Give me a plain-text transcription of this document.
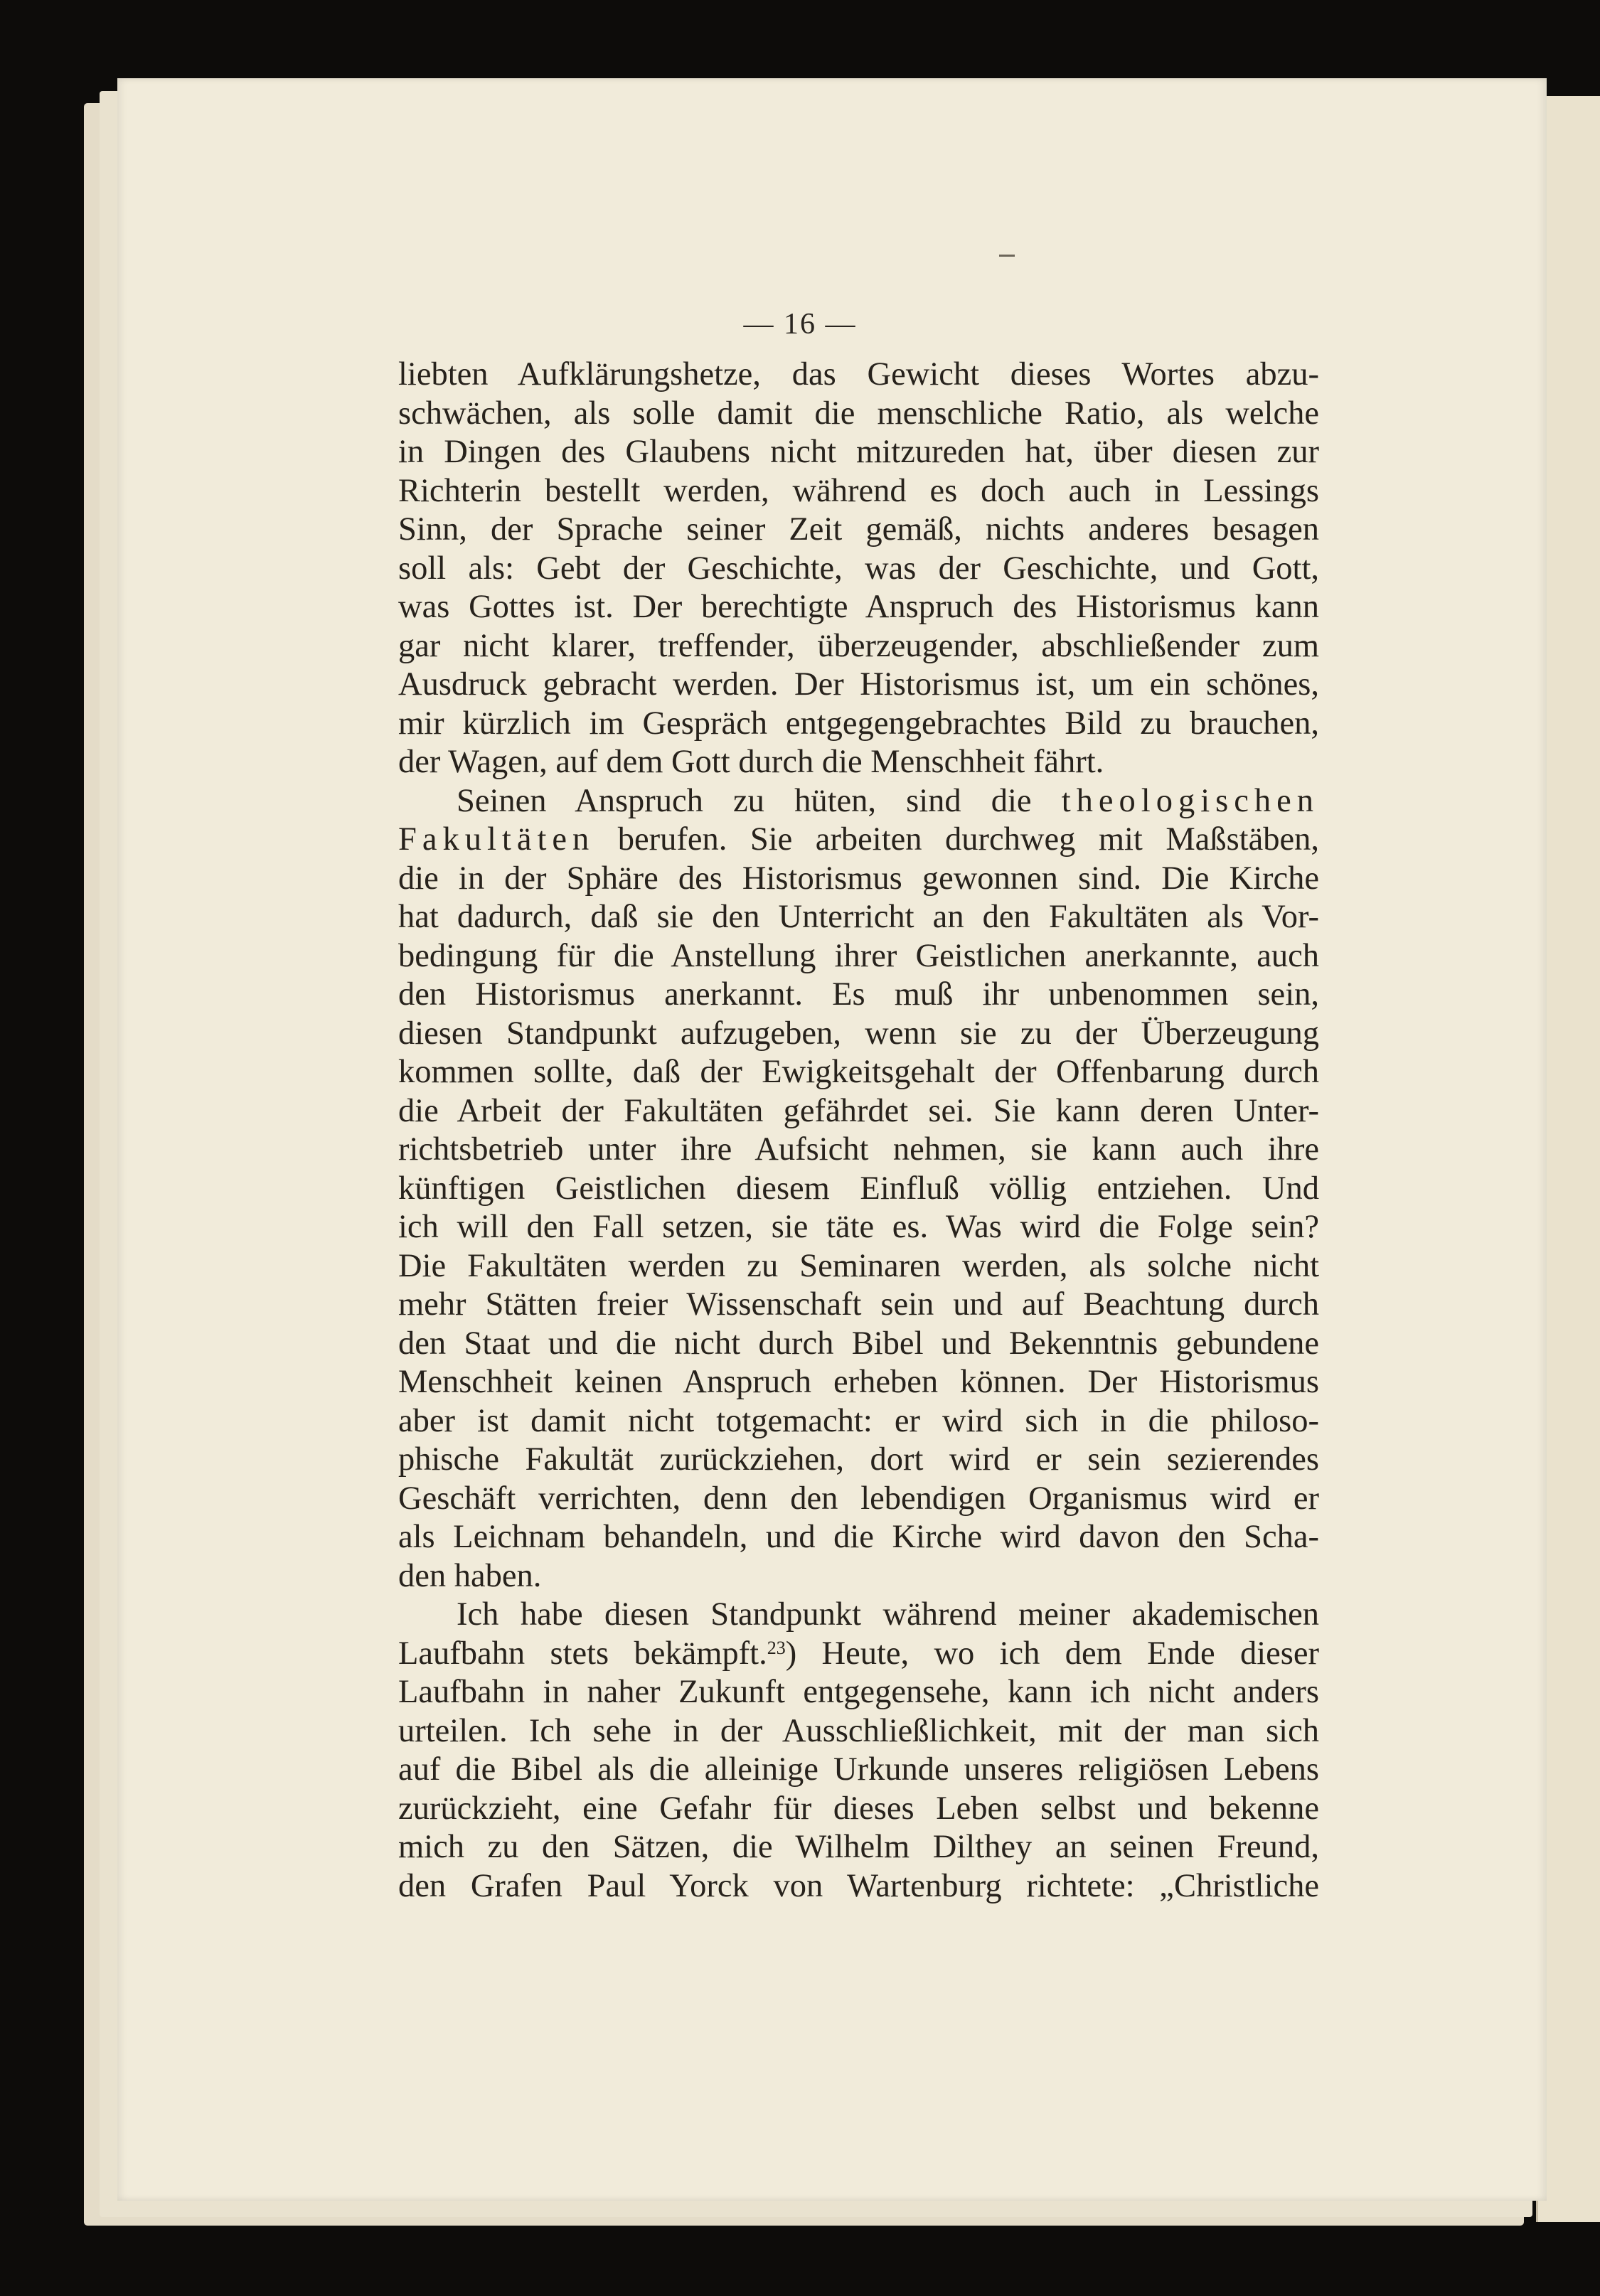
— 16 —
liebten Aufklärungshetze, das Gewicht dieses Wortes abzu-
schwächen, als solle damit die menschliche Ratio, als welche
in Dingen des Glaubens nicht mitzureden hat, über diesen zur
Richterin bestellt werden, während es doch auch in Lessings
Sinn, der Sprache seiner Zeit gemäß, nichts anderes besagen
soll als: Gebt der Geschichte, was der Geschichte, und Gott,
was Gottes ist. Der berechtigte Anspruch des Historismus kann
gar nicht klarer, treffender, überzeugender, abschließender zum
Ausdruck gebracht werden. Der Historismus ist, um ein schönes,
mir kürzlich im Gespräch entgegengebrachtes Bild zu brauchen,
der Wagen, auf dem Gott durch die Menschheit fährt.
Seinen Anspruch zu hüten, sind die theologischen
Fakultäten berufen. Sie arbeiten durchweg mit Maßstäben,
die in der Sphäre des Historismus gewonnen sind. Die Kirche
hat dadurch, daß sie den Unterricht an den Fakultäten als Vor-
bedingung für die Anstellung ihrer Geistlichen anerkannte, auch
den Historismus anerkannt. Es muß ihr unbenommen sein,
diesen Standpunkt aufzugeben, wenn sie zu der Überzeugung
kommen sollte, daß der Ewigkeitsgehalt der Offenbarung durch
die Arbeit der Fakultäten gefährdet sei. Sie kann deren Unter-
richtsbetrieb unter ihre Aufsicht nehmen, sie kann auch ihre
künftigen Geistlichen diesem Einfluß völlig entziehen. Und
ich will den Fall setzen, sie täte es. Was wird die Folge sein?
Die Fakultäten werden zu Seminaren werden, als solche nicht
mehr Stätten freier Wissenschaft sein und auf Beachtung durch
den Staat und die nicht durch Bibel und Bekenntnis gebundene
Menschheit keinen Anspruch erheben können. Der Historismus
aber ist damit nicht totgemacht: er wird sich in die philoso-
phische Fakultät zurückziehen, dort wird er sein sezierendes
Geschäft verrichten, denn den lebendigen Organismus wird er
als Leichnam behandeln, und die Kirche wird davon den Scha-
den haben.
Ich habe diesen Standpunkt während meiner akademischen
Laufbahn stets bekämpft.$^{23}$) Heute, wo ich dem Ende dieser
Laufbahn in naher Zukunft entgegensehe, kann ich nicht anders
urteilen. Ich sehe in der Ausschließlichkeit, mit der man sich
auf die Bibel als die alleinige Urkunde unseres religiösen Lebens
zurückzieht, eine Gefahr für dieses Leben selbst und bekenne
mich zu den Sätzen, die Wilhelm Dilthey an seinen Freund,
den Grafen Paul Yorck von Wartenburg richtete: „Christliche
